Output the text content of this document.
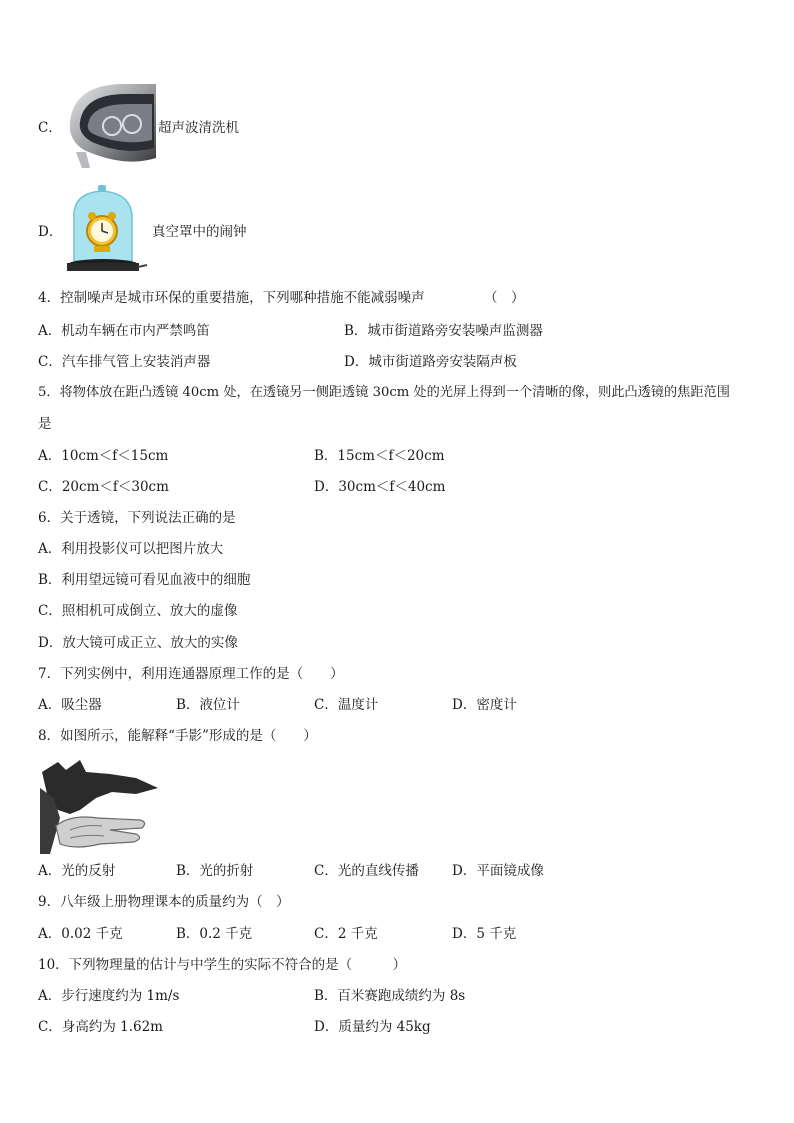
C．	超声波清洗机
D．	真空罩中的闹钟
4．控制噪声是城市环保的重要措施，下列哪种措施不能减弱噪声	（　）
A．机动车辆在市内严禁鸣笛	B．城市街道路旁安装噪声监测器
C．汽车排气管上安装消声器	D．城市街道路旁安装隔声板
5．将物体放在距凸透镜 40cm 处，在透镜另一侧距透镜 30cm 处的光屏上得到一个清晰的像，则此凸透镜的焦距范围
是
A．10cm＜f＜15cm	B．15cm＜f＜20cm
C．20cm＜f＜30cm	D．30cm＜f＜40cm
6．关于透镜，下列说法正确的是
A．利用投影仪可以把图片放大
B．利用望远镜可看见血液中的细胞
C．照相机可成倒立、放大的虚像
D．放大镜可成正立、放大的实像
7．下列实例中，利用连通器原理工作的是（　　）
A．吸尘器	B．液位计	C．温度计	D．密度计
8．如图所示，能解释“手影”形成的是（　　）
A．光的反射	B．光的折射	C．光的直线传播 D．平面镜成像
9．八年级上册物理课本的质量约为（　）
A．0.02 千克	B．0.2 千克	C．2 千克	D．5 千克
10．下列物理量的估计与中学生的实际不符合的是（　　　）
A．步行速度约为 1m/s	B．百米赛跑成绩约为 8s
C．身高约为 1.62m	D．质量约为 45kg
